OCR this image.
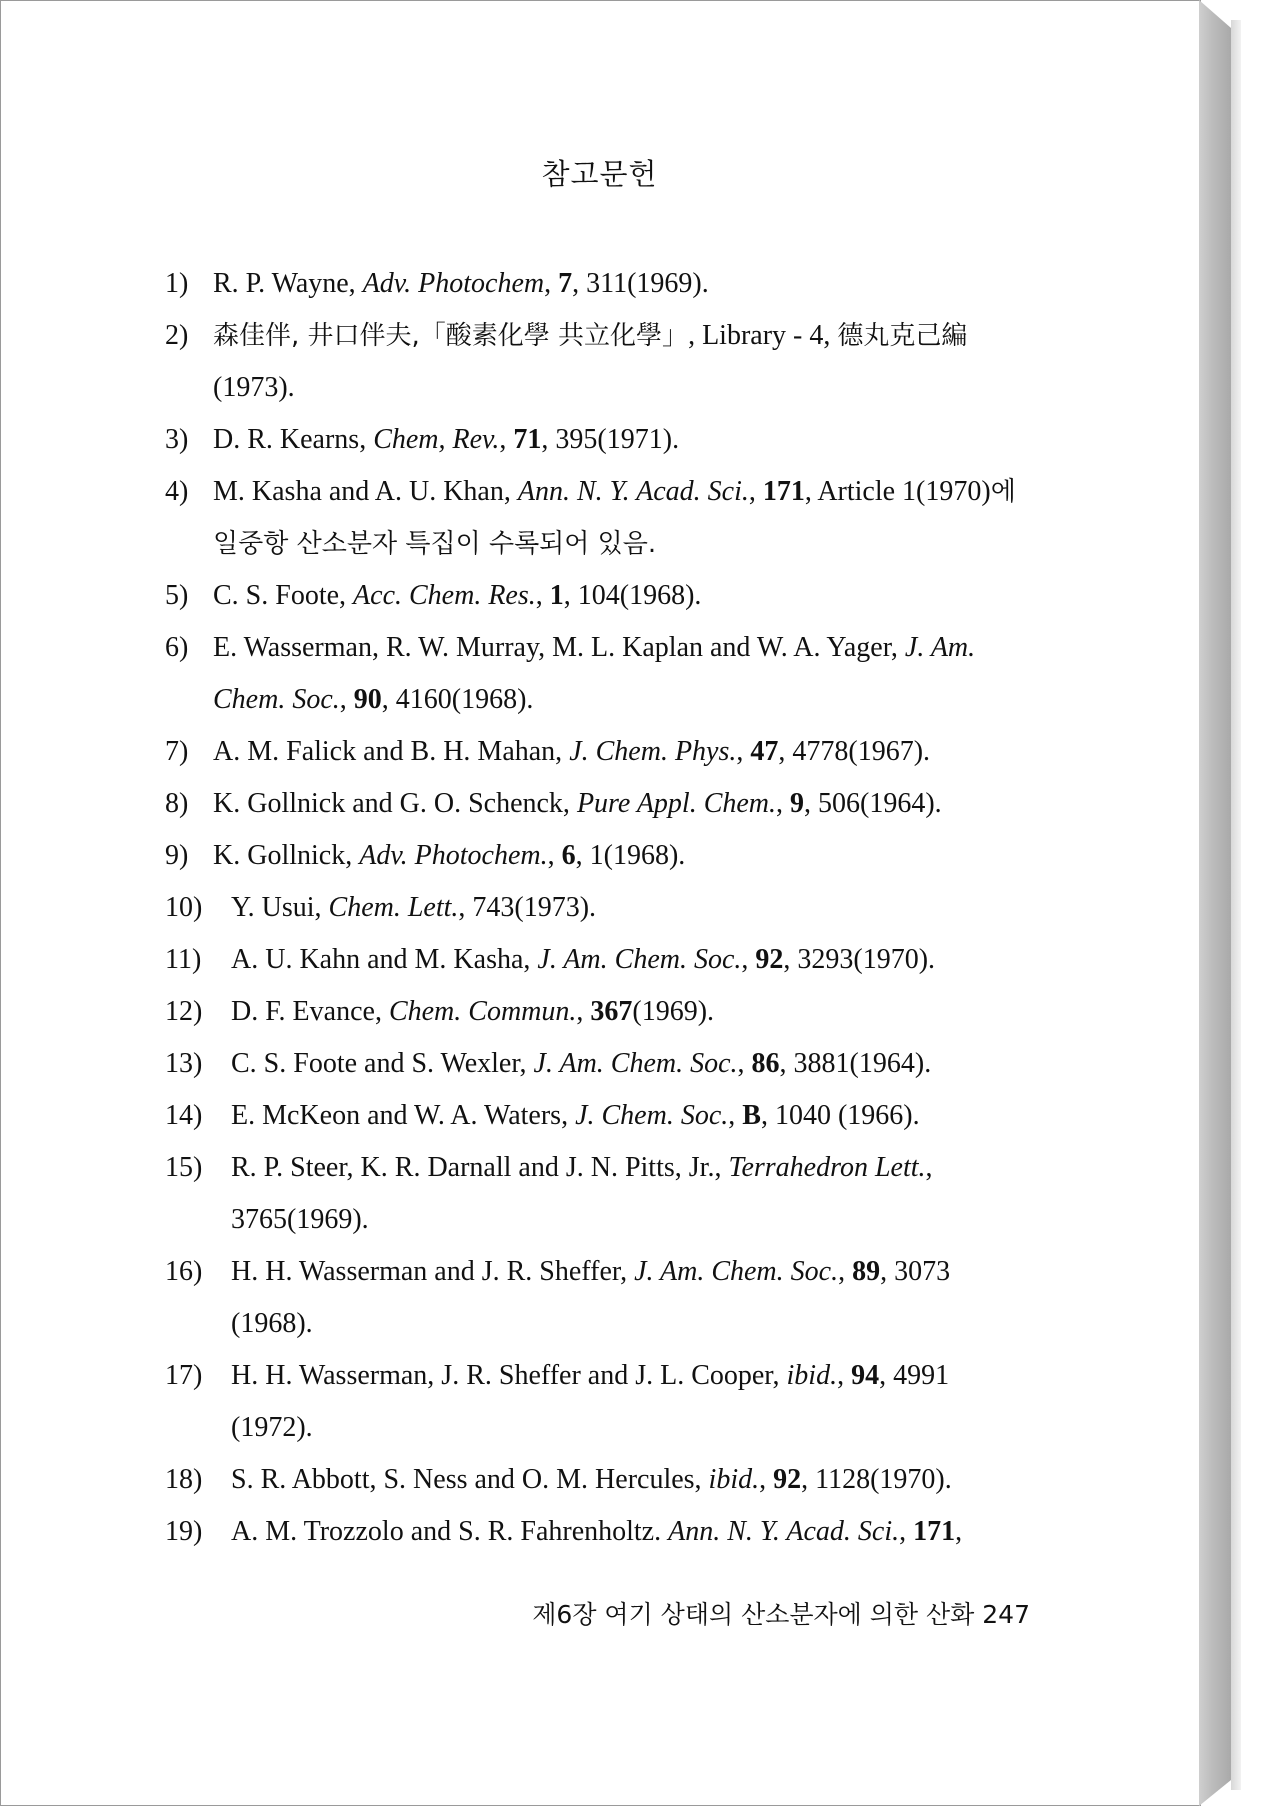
참고문헌
1) R. P. Wayne, Adv. Photochem, 7, 311(1969).
2) 森佳伴, 井口伴夫,「酸素化學 共立化學」, Library - 4, 德丸克己編 (1973).
3) D. R. Kearns, Chem, Rev., 71, 395(1971).
4) M. Kasha and A. U. Khan, Ann. N. Y. Acad. Sci., 171, Article 1(1970)에 일중항 산소분자 특집이 수록되어 있음.
5) C. S. Foote, Acc. Chem. Res., 1, 104(1968).
6) E. Wasserman, R. W. Murray, M. L. Kaplan and W. A. Yager, J. Am. Chem. Soc., 90, 4160(1968).
7) A. M. Falick and B. H. Mahan, J. Chem. Phys., 47, 4778(1967).
8) K. Gollnick and G. O. Schenck, Pure Appl. Chem., 9, 506(1964).
9) K. Gollnick, Adv. Photochem., 6, 1(1968).
10)	Y. Usui, Chem. Lett., 743(1973).
11)	A. U. Kahn and M. Kasha, J. Am. Chem. Soc., 92, 3293(1970).
12)	D. F. Evance, Chem. Commun., 367(1969).
13)	C. S. Foote and S. Wexler, J. Am. Chem. Soc., 86, 3881(1964).
14)	E. McKeon and W. A. Waters, J. Chem. Soc., B, 1040 (1966).
15)	R. P. Steer, K. R. Darnall and J. N. Pitts, Jr., Terrahedron Lett., 3765(1969).
16)	H. H. Wasserman and J. R. Sheffer, J. Am. Chem. Soc., 89, 3073 (1968).
17)	H. H. Wasserman, J. R. Sheffer and J. L. Cooper, ibid., 94, 4991 (1972).
18)	S. R. Abbott, S. Ness and O. M. Hercules, ibid., 92, 1128(1970).
19)	A. M. Trozzolo and S. R. Fahrenholtz. Ann. N. Y. Acad. Sci., 171,
제6장 여기 상태의 산소분자에 의한 산화 247
